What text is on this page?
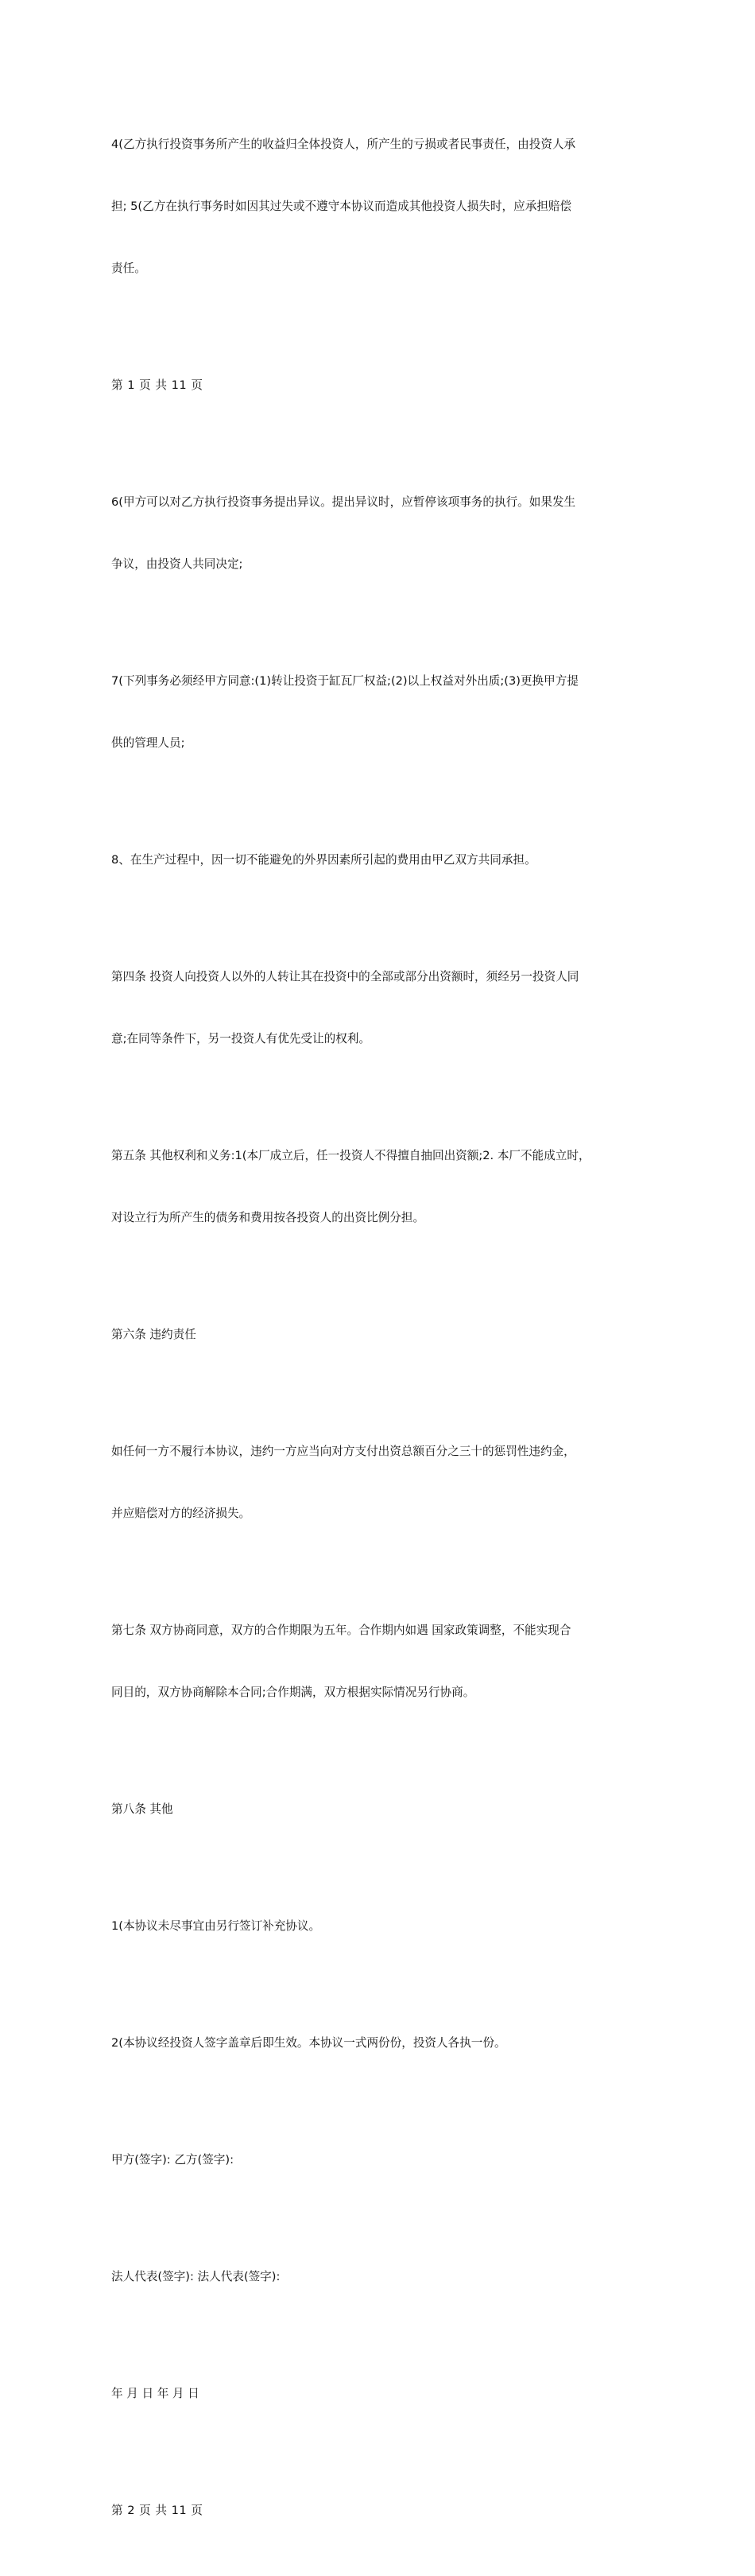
4(乙方执行投资事务所产生的收益归全体投资人，所产生的亏损或者民事责任，由投资人承

担; 5(乙方在执行事务时如因其过失或不遵守本协议而造成其他投资人损失时，应承担赔偿

责任。

第 1 页 共 11 页

6(甲方可以对乙方执行投资事务提出异议。提出异议时，应暂停该项事务的执行。如果发生

争议，由投资人共同决定;

7(下列事务必须经甲方同意:(1)转让投资于缸瓦厂权益;(2)以上权益对外出质;(3)更换甲方提

供的管理人员;

8、在生产过程中，因一切不能避免的外界因素所引起的费用由甲乙双方共同承担。

第四条 投资人向投资人以外的人转让其在投资中的全部或部分出资额时，须经另一投资人同

意;在同等条件下，另一投资人有优先受让的权利。

第五条 其他权利和义务:1(本厂成立后，任一投资人不得擅自抽回出资额;2. 本厂不能成立时，

对设立行为所产生的债务和费用按各投资人的出资比例分担。

第六条 违约责任

如任何一方不履行本协议，违约一方应当向对方支付出资总额百分之三十的惩罚性违约金，

并应赔偿对方的经济损失。

第七条 双方协商同意，双方的合作期限为五年。合作期内如遇 国家政策调整，不能实现合

同目的，双方协商解除本合同;合作期满，双方根据实际情况另行协商。

第八条 其他

1(本协议未尽事宜由另行签订补充协议。

2(本协议经投资人签字盖章后即生效。本协议一式两份份，投资人各执一份。

甲方(签字): 乙方(签字):

法人代表(签字): 法人代表(签字):

年 月 日 年 月 日

第 2 页 共 11 页
